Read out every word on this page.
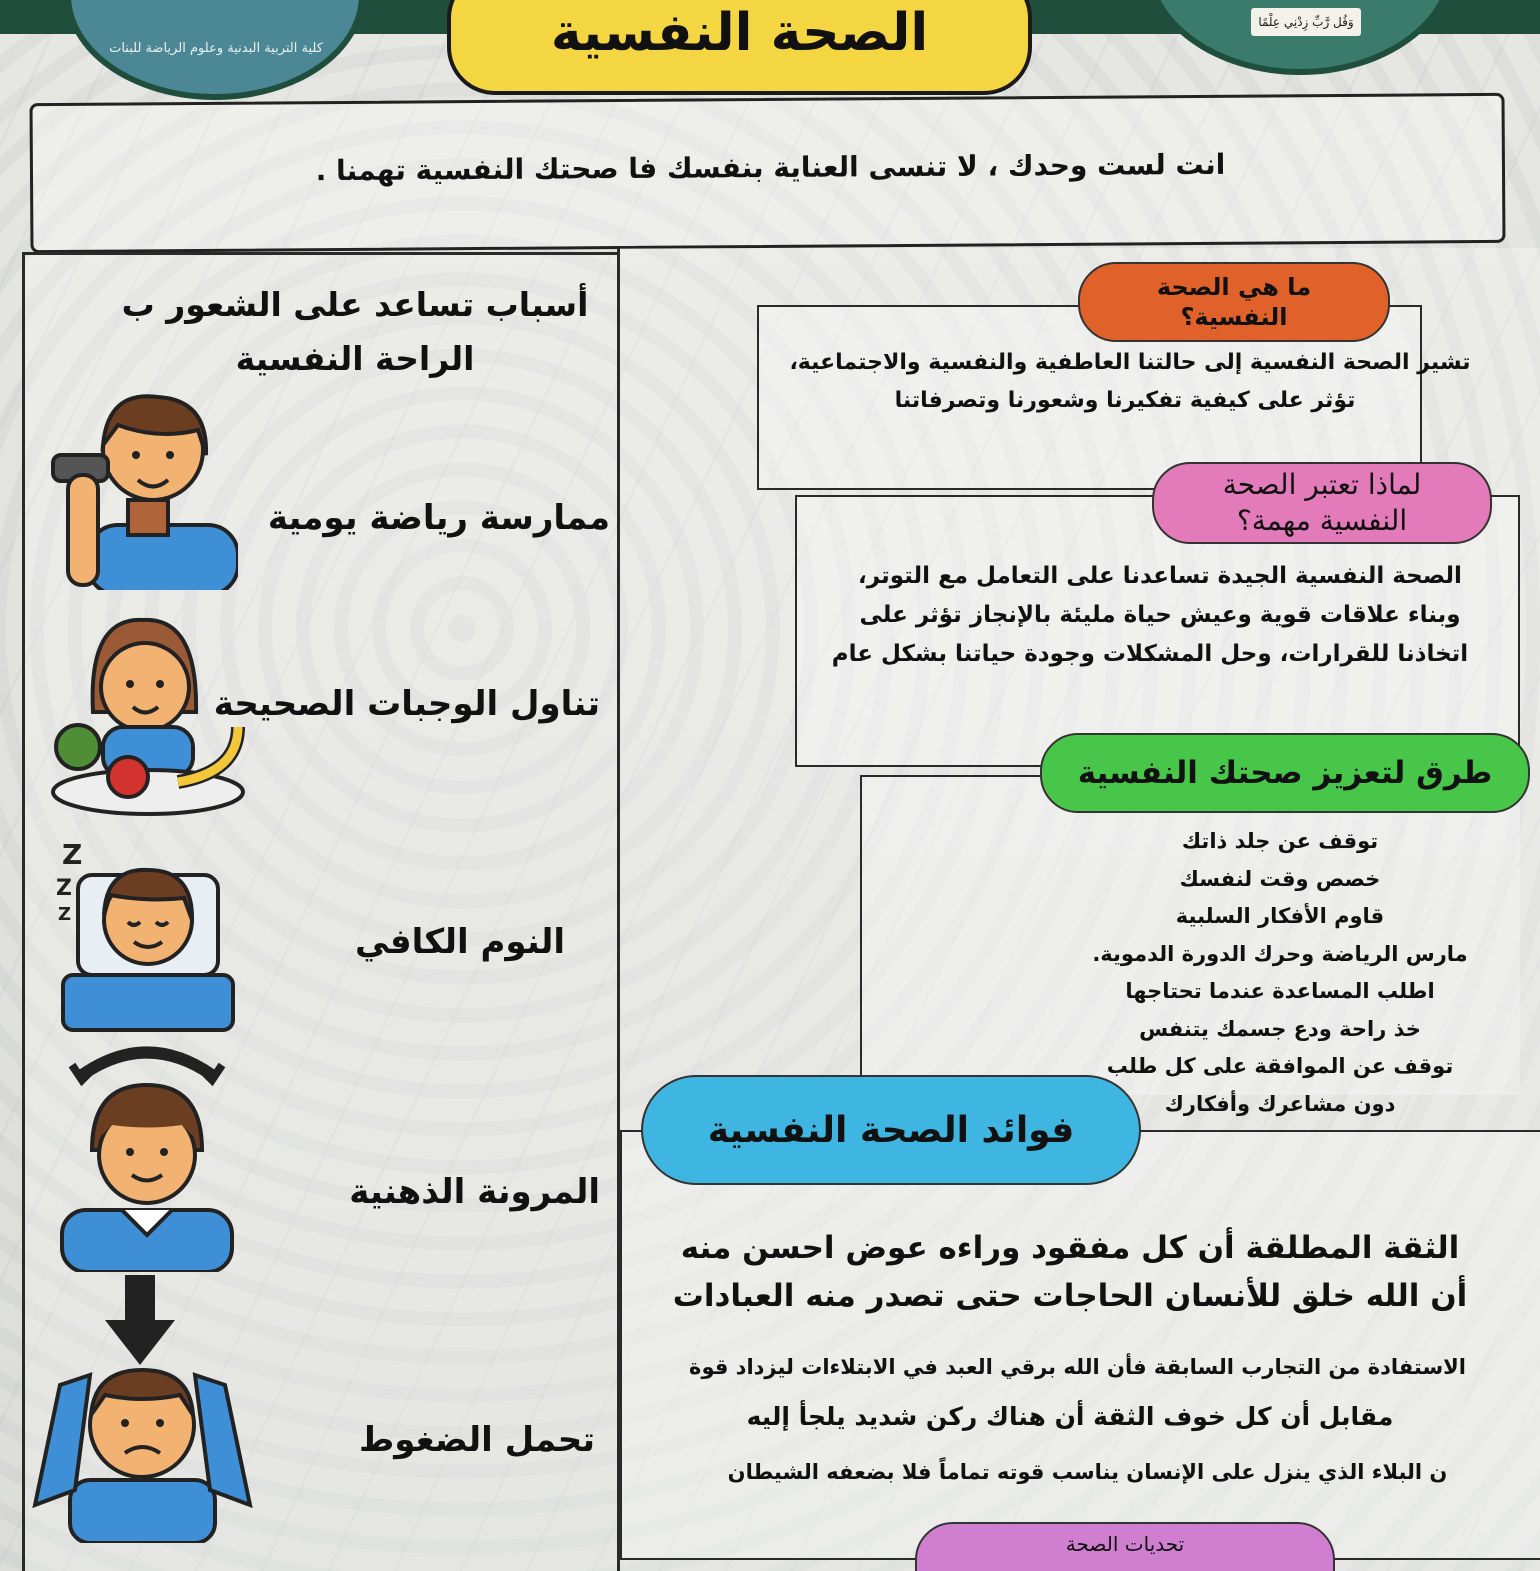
كلية التربية البدنية وعلوم الرياضة للبنات
وَقُل رَّبِّ زِدْنِي عِلْمًا
الصحة النفسية
انت لست وحدك ، لا تنسى العناية بنفسك فا صحتك النفسية تهمنا .
أسباب تساعد على الشعور ب الراحة النفسية
ممارسة رياضة يومية
تناول الوجبات الصحيحة
Z
Z
Z
النوم الكافي
المرونة الذهنية
تحمل الضغوط
ما هي الصحة النفسية؟
تشير الصحة النفسية إلى حالتنا العاطفية والنفسية والاجتماعية،
تؤثر على كيفية تفكيرنا وشعورنا وتصرفاتنا
لماذا تعتبر الصحة النفسية مهمة؟
الصحة النفسية الجيدة تساعدنا على التعامل مع التوتر،
وبناء علاقات قوية وعيش حياة مليئة بالإنجاز تؤثر على
اتخاذنا للقرارات، وحل المشكلات وجودة حياتنا بشكل عام
طرق لتعزيز صحتك النفسية
توقف عن جلد ذاتك
خصص وقت لنفسك
قاوم الأفكار السلبية
مارس الرياضة وحرك الدورة الدموية.
اطلب المساعدة عندما تحتاجها
خذ راحة ودع جسمك يتنفس
توقف عن الموافقة على كل طلب
دون مشاعرك وأفكارك
فوائد الصحة النفسية
الثقة المطلقة أن كل مفقود وراءه عوض احسن منه
أن الله خلق للأنسان الحاجات حتى تصدر منه العبادات
الاستفادة من التجارب السابقة فأن الله برقي العبد في الابتلاءات ليزداد قوة
مقابل أن كل خوف الثقة أن هناك ركن شديد يلجأ إليه
ن البلاء الذي ينزل على الإنسان يناسب قوته تماماً فلا بضعفه الشيطان
تحديات الصحة
